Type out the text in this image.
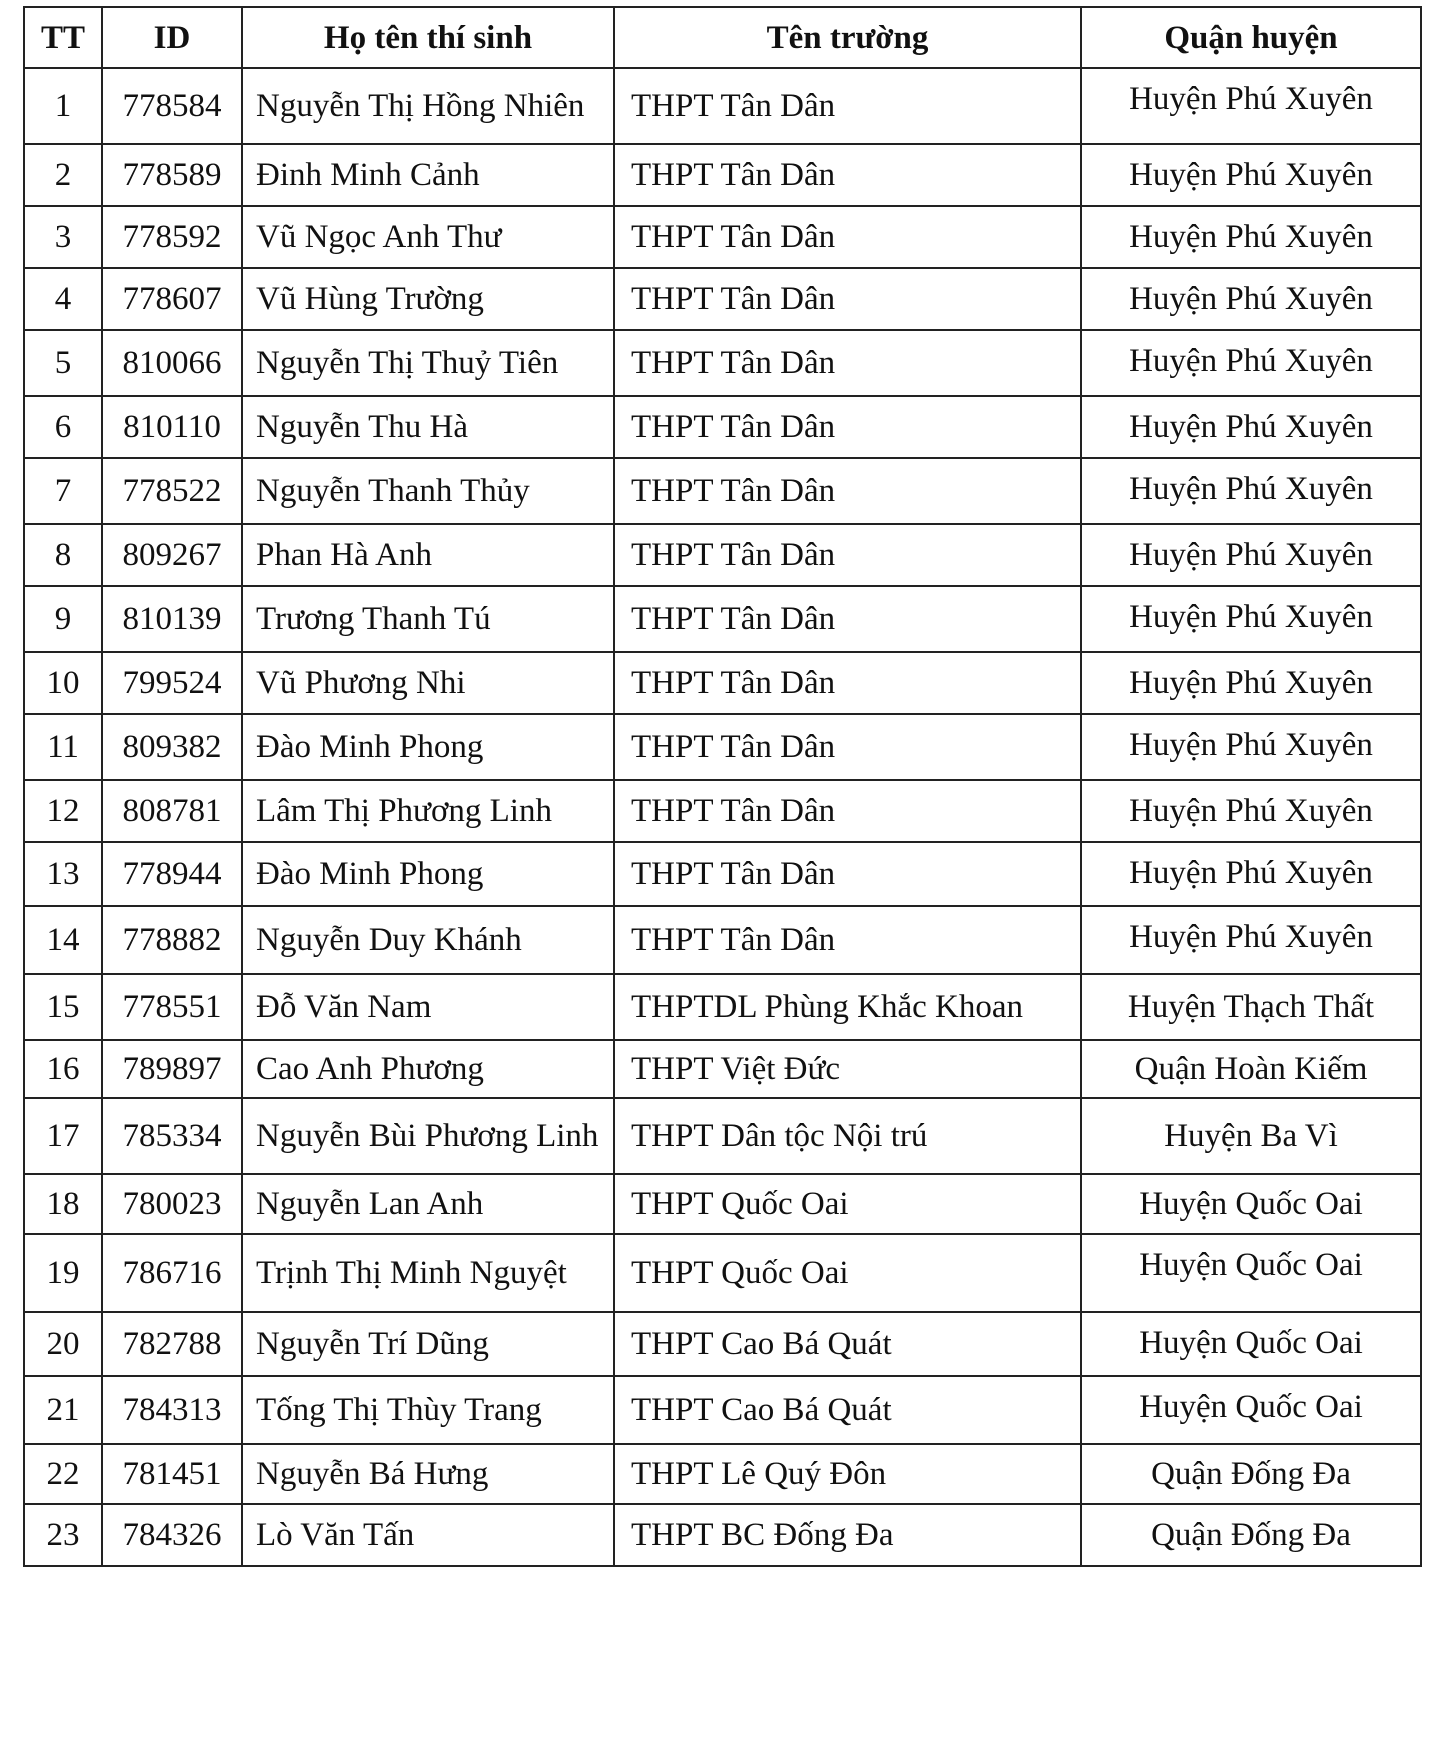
TT	ID	Họ tên thí sinh	Tên trường	Quận huyện
1	778584	Nguyễn Thị Hồng Nhiên	THPT Tân Dân	Huyện Phú Xuyên
2	778589	Đinh Minh Cảnh	THPT Tân Dân	Huyện Phú Xuyên
3	778592	Vũ Ngọc Anh Thư	THPT Tân Dân	Huyện Phú Xuyên
4	778607	Vũ Hùng Trường	THPT Tân Dân	Huyện Phú Xuyên
5	810066	Nguyễn Thị Thuỷ Tiên	THPT Tân Dân	Huyện Phú Xuyên
6	810110	Nguyễn Thu Hà	THPT Tân Dân	Huyện Phú Xuyên
7	778522	Nguyễn Thanh Thủy	THPT Tân Dân	Huyện Phú Xuyên
8	809267	Phan Hà Anh	THPT Tân Dân	Huyện Phú Xuyên
9	810139	Trương Thanh Tú	THPT Tân Dân	Huyện Phú Xuyên
10	799524	Vũ Phương Nhi	THPT Tân Dân	Huyện Phú Xuyên
11	809382	Đào Minh Phong	THPT Tân Dân	Huyện Phú Xuyên
12	808781	Lâm Thị Phương Linh	THPT Tân Dân	Huyện Phú Xuyên
13	778944	Đào Minh Phong	THPT Tân Dân	Huyện Phú Xuyên
14	778882	Nguyễn Duy Khánh	THPT Tân Dân	Huyện Phú Xuyên
15	778551	Đỗ Văn Nam	THPTDL Phùng Khắc Khoan	Huyện Thạch Thất
16	789897	Cao Anh Phương	THPT Việt Đức	Quận Hoàn Kiếm
17	785334	Nguyễn Bùi Phương Linh	THPT Dân tộc Nội trú	Huyện Ba Vì
18	780023	Nguyễn Lan Anh	THPT Quốc Oai	Huyện Quốc Oai
19	786716	Trịnh Thị Minh Nguyệt	THPT Quốc Oai	Huyện Quốc Oai
20	782788	Nguyễn Trí Dũng	THPT Cao Bá Quát	Huyện Quốc Oai
21	784313	Tống Thị Thùy Trang	THPT Cao Bá Quát	Huyện Quốc Oai
22	781451	Nguyễn Bá Hưng	THPT Lê Quý Đôn	Quận Đống Đa
23	784326	Lò Văn Tấn	THPT BC Đống Đa	Quận Đống Đa
